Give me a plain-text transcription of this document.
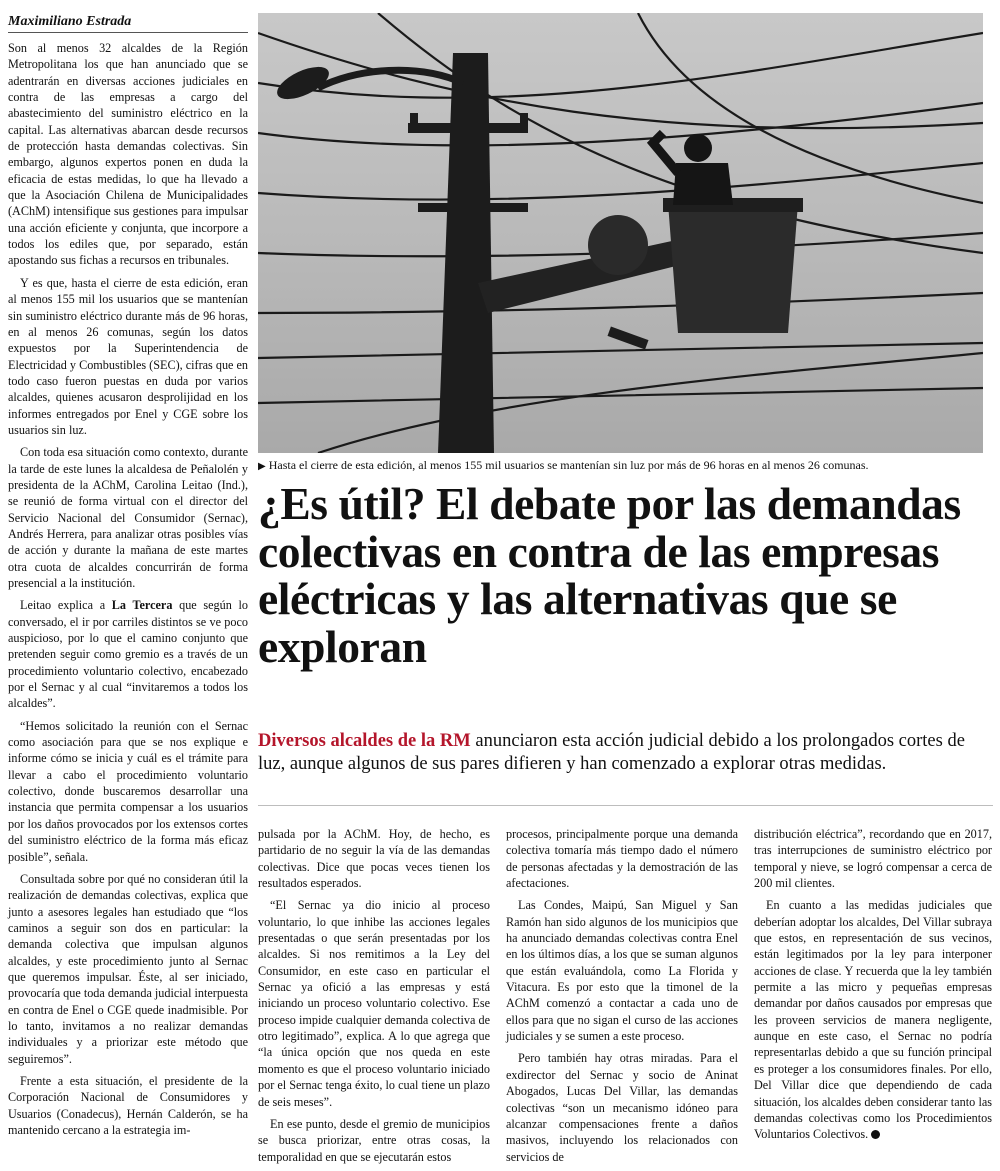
Maximiliano Estrada

Son al menos 32 alcaldes de la Región Metropolitana los que han anunciado que se adentrarán en diversas acciones judiciales en contra de las empresas a cargo del abastecimiento del suministro eléctrico en la capital. Las alternativas abarcan desde recursos de protección hasta demandas colectivas. Sin embargo, algunos expertos ponen en duda la eficacia de estas medidas, lo que ha llevado a que la Asociación Chilena de Municipalidades (AChM) intensifique sus gestiones para impulsar una acción eficiente y conjunta, que incorpore a todos los ediles que, por separado, están apostando sus fichas a recursos en tribunales.

Y es que, hasta el cierre de esta edición, eran al menos 155 mil los usuarios que se mantenían sin suministro eléctrico durante más de 96 horas, en al menos 26 comunas, según los datos expuestos por la Superintendencia de Electricidad y Combustibles (SEC), cifras que en todo caso fueron puestas en duda por varios alcaldes, quienes acusaron desprolijidad en los informes entregados por Enel y CGE sobre los usuarios sin luz.

Con toda esa situación como contexto, durante la tarde de este lunes la alcaldesa de Peñalolén y presidenta de la AChM, Carolina Leitao (Ind.), se reunió de forma virtual con el director del Servicio Nacional del Consumidor (Sernac), Andrés Herrera, para analizar otras posibles vías de acción y durante la mañana de este martes otra cuota de alcaldes concurrirán de forma presencial a la institución.

Leitao explica a La Tercera que según lo conversado, el ir por carriles distintos se ve poco auspicioso, por lo que el camino conjunto que pretenden seguir como gremio es a través de un procedimiento voluntario colectivo, encabezado por el Sernac y al cual “invitaremos a todos los alcaldes”.

“Hemos solicitado la reunión con el Sernac como asociación para que se nos explique e informe cómo se inicia y cuál es el trámite para llevar a cabo el procedimiento voluntario colectivo, donde buscaremos desarrollar una instancia que permita compensar a los usuarios por los daños provocados por los extensos cortes del suministro eléctrico de la forma más eficaz posible”, señala.

Consultada sobre por qué no consideran útil la realización de demandas colectivas, explica que junto a asesores legales han estudiado que “los caminos a seguir son dos en particular: la demanda colectiva que impulsan algunos alcaldes, y este procedimiento junto al Sernac que queremos impulsar. Éste, al ser iniciado, provocaría que toda demanda judicial interpuesta en contra de Enel o CGE quede inadmisible. Por lo tanto, invitamos a no realizar demandas individuales y a priorizar este método que seguiremos”.

Frente a esta situación, el presidente de la Corporación Nacional de Consumidores y Usuarios (Conadecus), Hernán Calderón, se ha mantenido cercano a la estrategia im-

▶ Hasta el cierre de esta edición, al menos 155 mil usuarios se mantenían sin luz por más de 96 horas en al menos 26 comunas.
¿Es útil? El debate por las demandas colectivas en contra de las empresas eléctricas y las alternativas que se exploran
Diversos alcaldes de la RM anunciaron esta acción judicial debido a los prolongados cortes de luz, aunque algunos de sus pares difieren y han comenzado a explorar otras medidas.

pulsada por la AChM. Hoy, de hecho, es partidario de no seguir la vía de las demandas colectivas. Dice que pocas veces tienen los resultados esperados.

“El Sernac ya dio inicio al proceso voluntario, lo que inhibe las acciones legales presentadas o que serán presentadas por los alcaldes. Si nos remitimos a la Ley del Consumidor, en este caso en particular el Sernac ya ofició a las empresas y está iniciando un proceso voluntario colectivo. Ese proceso impide cualquier demanda colectiva de otro legitimado”, explica. A lo que agrega que “la única opción que nos queda en este momento es que el proceso voluntario iniciado por el Sernac tenga éxito, lo cual tiene un plazo de seis meses”.

En ese punto, desde el gremio de municipios se busca priorizar, entre otras cosas, la temporalidad en que se ejecutarán estos

procesos, principalmente porque una demanda colectiva tomaría más tiempo dado el número de personas afectadas y la demostración de las afectaciones.

Las Condes, Maipú, San Miguel y San Ramón han sido algunos de los municipios que ha anunciado demandas colectivas contra Enel en los últimos días, a los que se suman algunos que están evaluándola, como La Florida y Vitacura. Es por esto que la timonel de la AChM comenzó a contactar a cada uno de ellos para que no sigan el curso de las acciones judiciales y se sumen a este proceso.

Pero también hay otras miradas. Para el exdirector del Sernac y socio de Aninat Abogados, Lucas Del Villar, las demandas colectivas “son un mecanismo idóneo para alcanzar compensaciones frente a daños masivos, incluyendo los relacionados con servicios de

distribución eléctrica”, recordando que en 2017, tras interrupciones de suministro eléctrico por temporal y nieve, se logró compensar a cerca de 200 mil clientes.

En cuanto a las medidas judiciales que deberían adoptar los alcaldes, Del Villar subraya que estos, en representación de sus vecinos, están legitimados por la ley para interponer acciones de clase. Y recuerda que la ley también permite a las micro y pequeñas empresas demandar por daños causados por empresas que les proveen servicios de manera negligente, aunque en este caso, el Sernac no podría representarlas debido a que su función principal es proteger a los consumidores finales. Por ello, Del Villar dice que dependiendo de cada situación, los alcaldes deben considerar tanto las demandas colectivas como los Procedimientos Voluntarios Colectivos.
